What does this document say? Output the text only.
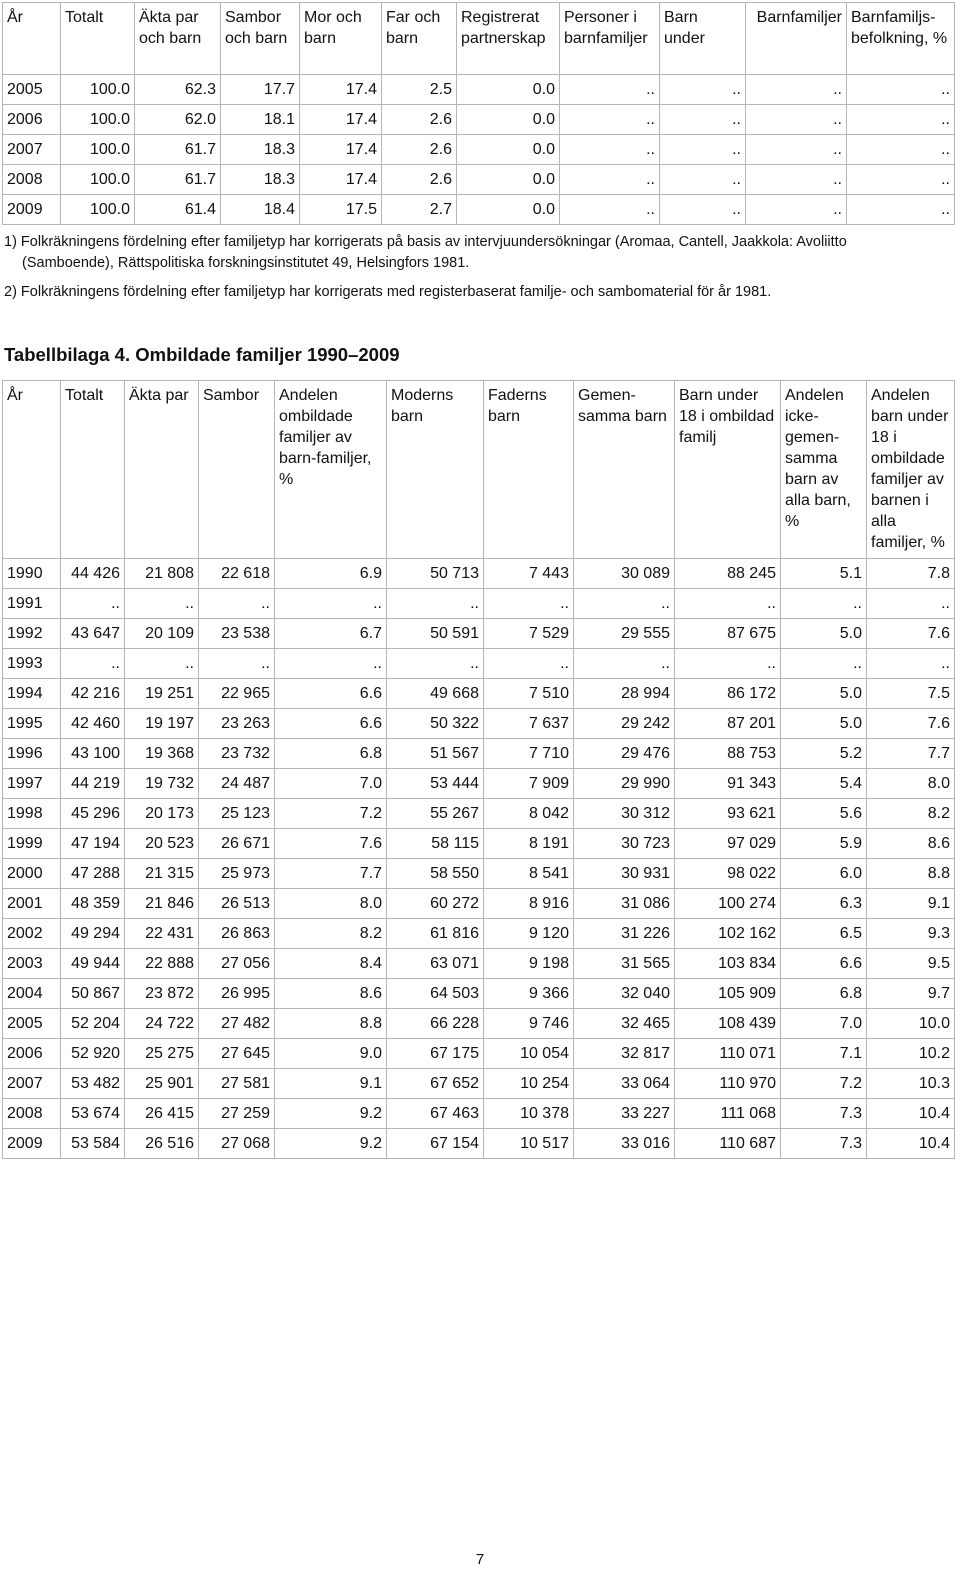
År	Totalt	Äkta par och barn	Sambor och barn	Mor och barn	Far och barn	Registrerat partnerskap	Personer i barnfamiljer	Barn under	Barnfamiljer	Barnfamiljs-befolkning, %
2005	100.0	62.3	17.7	17.4	2.5	0.0	..	..	..	..
2006	100.0	62.0	18.1	17.4	2.6	0.0	..	..	..	..
2007	100.0	61.7	18.3	17.4	2.6	0.0	..	..	..	..
2008	100.0	61.7	18.3	17.4	2.6	0.0	..	..	..	..
2009	100.0	61.4	18.4	17.5	2.7	0.0	..	..	..	..
1) Folkräkningens fördelning efter familjetyp har korrigerats på basis av intervjuundersökningar (Aromaa, Cantell, Jaakkola: Avoliitto
(Samboende), Rättspolitiska forskningsinstitutet 49, Helsingfors 1981.
2) Folkräkningens fördelning efter familjetyp har korrigerats med registerbaserat familje- och sambomaterial för år 1981.
Tabellbilaga 4. Ombildade familjer 1990–2009
År	Totalt	Äkta par	Sambor	Andelen ombildade familjer av barn-familjer, %	Moderns barn	Faderns barn	Gemen-samma barn	Barn under 18 i ombildad familj	Andelen icke-gemen-samma barn av alla barn, %	Andelen barn under 18 i ombildade familjer av barnen i alla familjer, %
1990	44 426	21 808	22 618	6.9	50 713	7 443	30 089	88 245	5.1	7.8
1991	..	..	..	..	..	..	..	..	..	..
1992	43 647	20 109	23 538	6.7	50 591	7 529	29 555	87 675	5.0	7.6
1993	..	..	..	..	..	..	..	..	..	..
1994	42 216	19 251	22 965	6.6	49 668	7 510	28 994	86 172	5.0	7.5
1995	42 460	19 197	23 263	6.6	50 322	7 637	29 242	87 201	5.0	7.6
1996	43 100	19 368	23 732	6.8	51 567	7 710	29 476	88 753	5.2	7.7
1997	44 219	19 732	24 487	7.0	53 444	7 909	29 990	91 343	5.4	8.0
1998	45 296	20 173	25 123	7.2	55 267	8 042	30 312	93 621	5.6	8.2
1999	47 194	20 523	26 671	7.6	58 115	8 191	30 723	97 029	5.9	8.6
2000	47 288	21 315	25 973	7.7	58 550	8 541	30 931	98 022	6.0	8.8
2001	48 359	21 846	26 513	8.0	60 272	8 916	31 086	100 274	6.3	9.1
2002	49 294	22 431	26 863	8.2	61 816	9 120	31 226	102 162	6.5	9.3
2003	49 944	22 888	27 056	8.4	63 071	9 198	31 565	103 834	6.6	9.5
2004	50 867	23 872	26 995	8.6	64 503	9 366	32 040	105 909	6.8	9.7
2005	52 204	24 722	27 482	8.8	66 228	9 746	32 465	108 439	7.0	10.0
2006	52 920	25 275	27 645	9.0	67 175	10 054	32 817	110 071	7.1	10.2
2007	53 482	25 901	27 581	9.1	67 652	10 254	33 064	110 970	7.2	10.3
2008	53 674	26 415	27 259	9.2	67 463	10 378	33 227	111 068	7.3	10.4
2009	53 584	26 516	27 068	9.2	67 154	10 517	33 016	110 687	7.3	10.4
7
